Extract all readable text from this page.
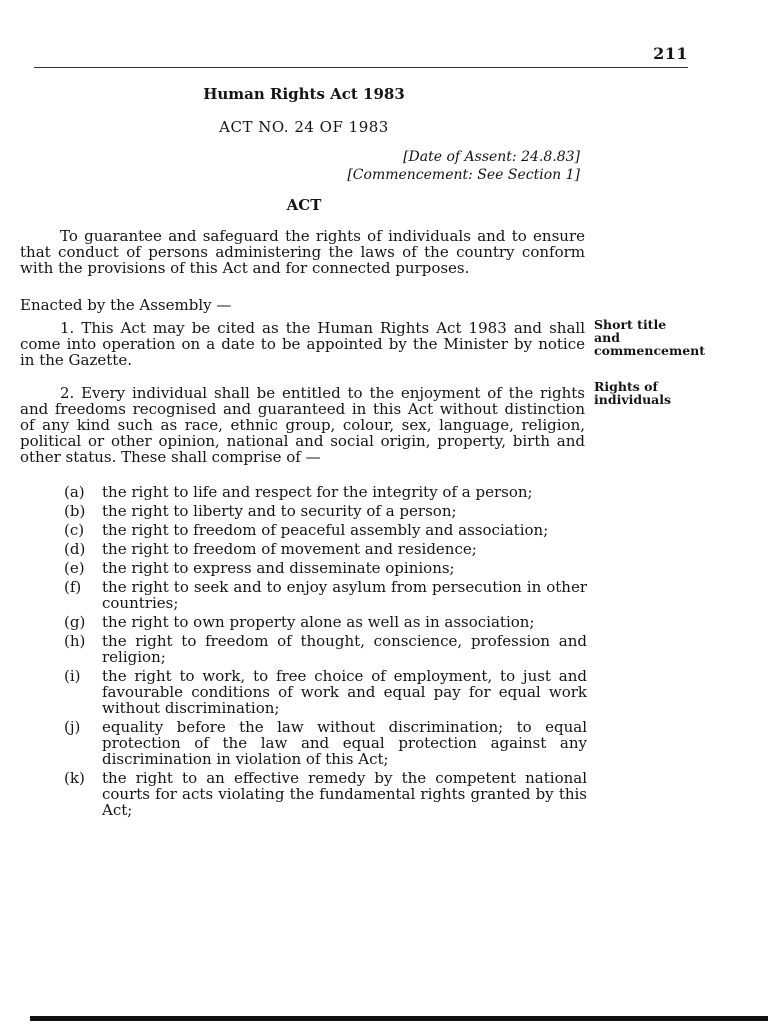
211
Human Rights Act 1983
ACT NO. 24 OF 1983
[Date of Assent: 24.8.83]
[Commencement: See Section 1]
ACT
To guarantee and safeguard the rights of individuals and to ensure that conduct of persons administering the laws of the country conform with the provisions of this Act and for connected purposes.
Enacted by the Assembly —
1. This Act may be cited as the Human Rights Act 1983 and shall come into operation on a date to be appointed by the Minister by notice in the Gazette.
Short title and commencement
2. Every individual shall be entitled to the enjoyment of the rights and freedoms recognised and guaranteed in this Act without distinction of any kind such as race, ethnic group, colour, sex, language, religion, political or other opinion, national and social origin, property, birth and other status. These shall comprise of —
Rights of individuals
(a)	the right to life and respect for the integrity of a person;
(b)	the right to liberty and to security of a person;
(c)	the right to freedom of peaceful assembly and association;
(d)	the right to freedom of movement and residence;
(e)	the right to express and disseminate opinions;
(f)	the right to seek and to enjoy asylum from persecution in other countries;
(g)	the right to own property alone as well as in association;
(h)	the right to freedom of thought, conscience, profession and religion;
(i)	the right to work, to free choice of employment, to just and favourable conditions of work and equal pay for equal work without discrimination;
(j)	equality before the law without discrimination; to equal protection of the law and equal protection against any discrimination in violation of this Act;
(k)	the right to an effective remedy by the competent national courts for acts violating the fundamental rights granted by this Act;
